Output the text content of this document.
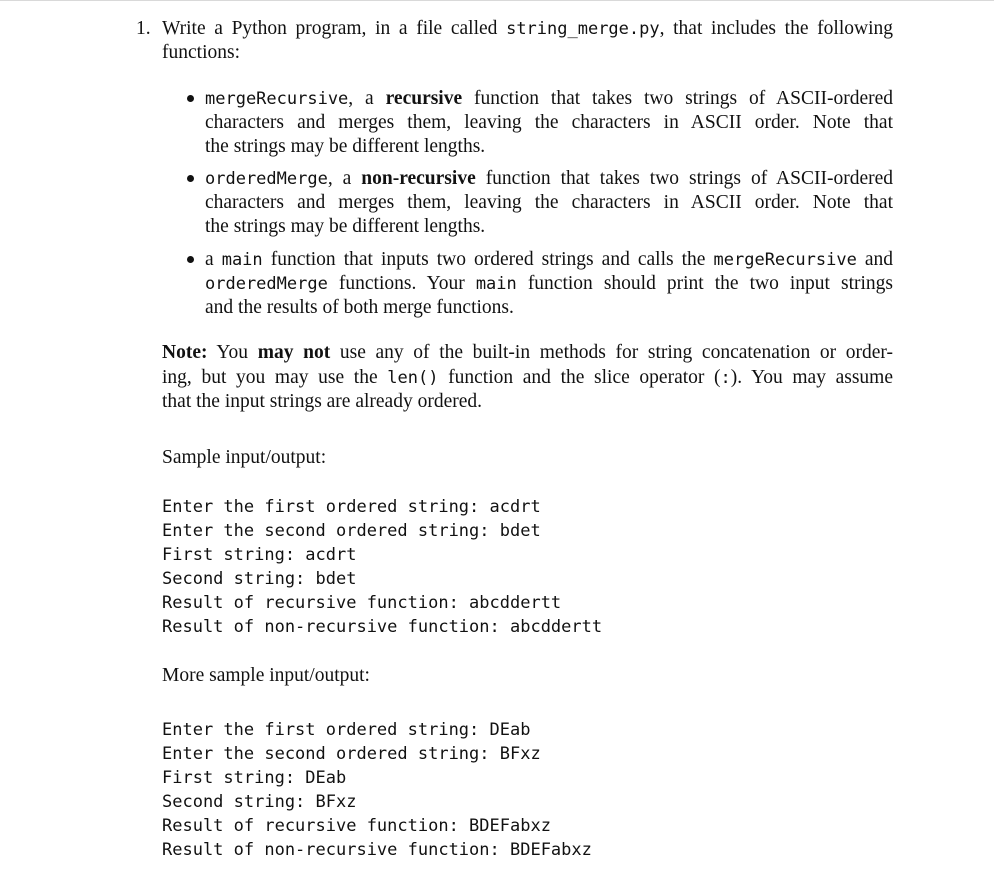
1. Write a Python program, in a file called string_merge.py, that includes the following
functions:
mergeRecursive, a recursive function that takes two strings of ASCII-ordered
characters and merges them, leaving the characters in ASCII order. Note that
the strings may be different lengths.
orderedMerge, a non-recursive function that takes two strings of ASCII-ordered
characters and merges them, leaving the characters in ASCII order. Note that
the strings may be different lengths.
a main function that inputs two ordered strings and calls the mergeRecursive and
orderedMerge functions. Your main function should print the two input strings
and the results of both merge functions.
Note: You may not use any of the built-in methods for string concatenation or order-
ing, but you may use the len() function and the slice operator (:). You may assume
that the input strings are already ordered.
Sample input/output:
Enter the first ordered string: acdrt
Enter the second ordered string: bdet
First string: acdrt
Second string: bdet
Result of recursive function: abcddertt
Result of non-recursive function: abcddertt
More sample input/output:
Enter the first ordered string: DEab
Enter the second ordered string: BFxz
First string: DEab
Second string: BFxz
Result of recursive function: BDEFabxz
Result of non-recursive function: BDEFabxz
